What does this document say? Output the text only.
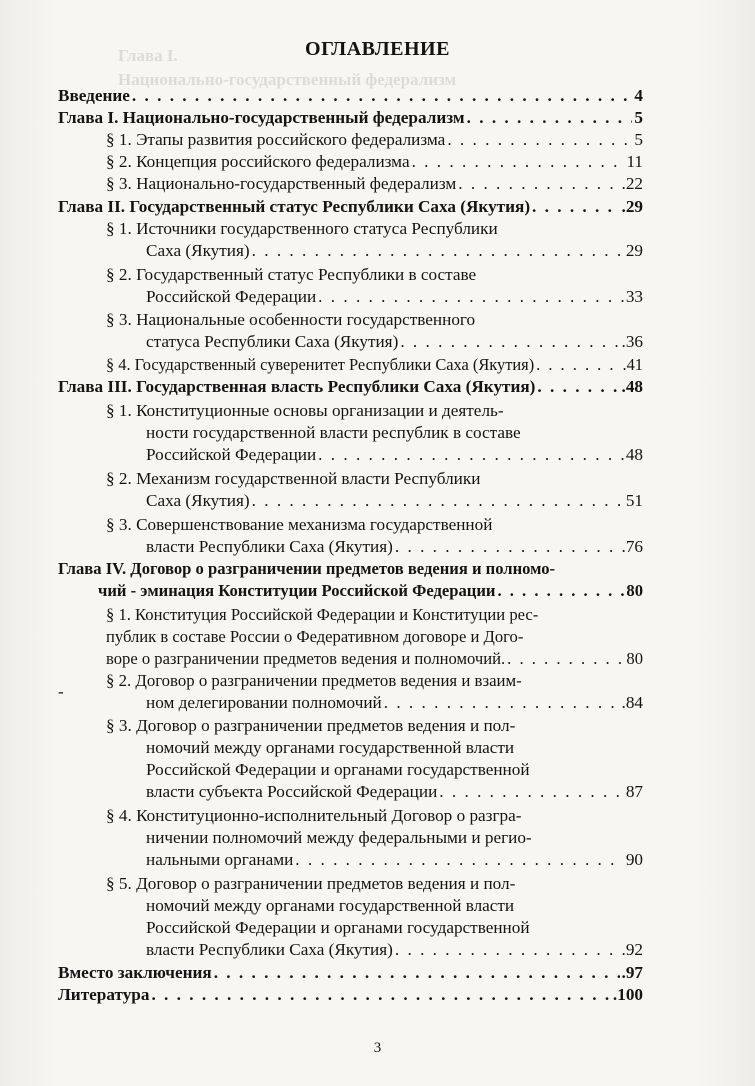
Глава I.
Национально-государственный федерализм
ОГЛАВЛЕНИЕ
Введение . . .	4
Глава I. Национально-государственный федерализм . . .	5
§ 1. Этапы развития российского федерализма . . .	5
§ 2. Концепция российского федерализма . . .	11
§ 3. Национально-государственный федерализм . . .	.22
Глава II. Государственный статус Республики Саха (Якутия) . . .	.29
§ 1. Источники государственного статуса Республики
Саха (Якутия) . . .	29
§ 2. Государственный статус Республики в составе
Российской Федерации . . .	33
§ 3. Национальные особенности государственного
статуса Республики Саха (Якутия) . . .	.36
§ 4. Государственный суверенитет Республики Саха (Якутия) . . .	.41
Глава III. Государственная власть Республики Саха (Якутия) . . .	.48
§ 1. Конституционные основы организации и деятель-
ности государственной власти республик в составе
Российской Федерации . . .	48
§ 2. Механизм государственной власти Республики
Саха (Якутия) . . .	51
§ 3. Совершенствование механизма государственной
власти Республики Саха (Якутия) . . .	.76
Глава IV. Договор о разграничении предметов ведения и полномо-
чий - эминация Конституции Российской Федерации . . .	80
§ 1. Конституция Российской Федерации и Конституции рес-
публик в составе России о Федеративном договоре и Дого-
воре о разграничении предметов ведения и полномочий. . . .	80
§ 2. Договор о разграничении предметов ведения и взаим-
ном делегировании полномочий . . .	.84
§ 3. Договор о разграничении предметов ведения и пол-
номочий между органами государственной власти
Российской Федерации и органами государственной
власти субъекта Российской Федерации . . .	87
§ 4. Конституционно-исполнительный Договор о разгра-
ничении полномочий между федеральными и регио-
нальными органами . . .	90
§ 5. Договор о разграничении предметов ведения и пол-
номочий между органами государственной власти
Российской Федерации и органами государственной
власти Республики Саха (Якутия) . . .	.92
Вместо заключения . . .	.97
Литература . . .	.100
-
3
